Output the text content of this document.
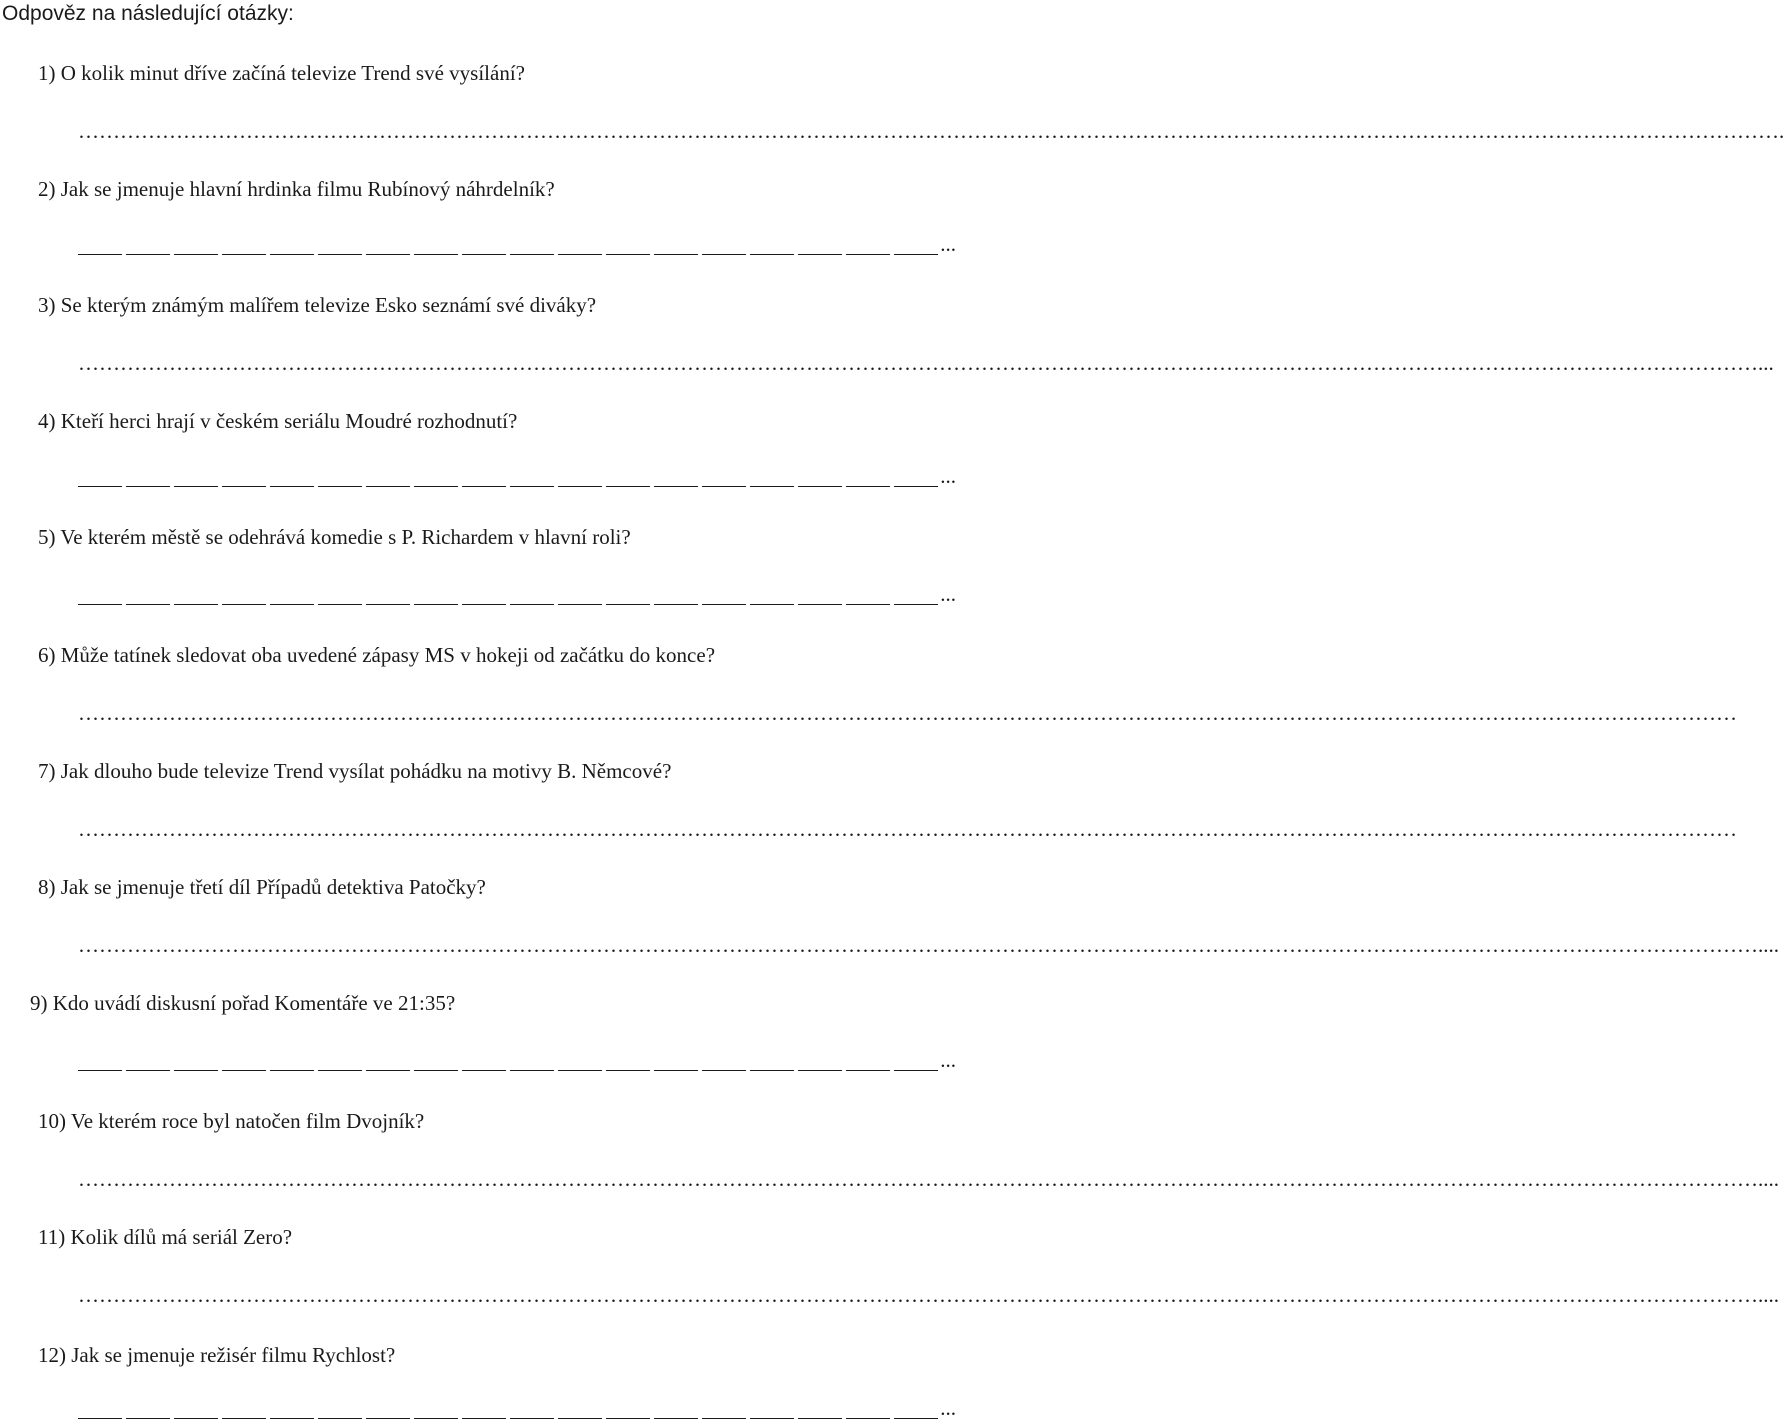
Odpověz na následující otázky:
1) O kolik minut dříve začíná televize Trend své vysílání?
……………………………………………………………………………………………………………………………………………………………………………………………………………………….
2) Jak se jmenuje hlavní hrdinka filmu Rubínový náhrdelník?
...
3) Se kterým známým malířem televize Esko seznámí své diváky?
……………………………………………………………………………………………………………………………………………………………………………………………………………………...
4) Kteří herci hrají v českém seriálu Moudré rozhodnutí?
...
5) Ve kterém městě se odehrává komedie s P. Richardem v hlavní roli?
...
6) Může tatínek sledovat oba uvedené zápasy MS v hokeji od začátku do konce?
…………………………………………………………………………………………………………………………………………………………………………………………………………………
7) Jak dlouho bude televize Trend vysílat pohádku na motivy B. Němcové?
…………………………………………………………………………………………………………………………………………………………………………………………………………………
8) Jak se jmenuje třetí díl Případů detektiva Patočky?
……………………………………………………………………………………………………………………………………………………………………………………………………………………....
9) Kdo uvádí diskusní pořad Komentáře ve 21:35?
...
10) Ve kterém roce byl natočen film Dvojník?
……………………………………………………………………………………………………………………………………………………………………………………………………………………....
11) Kolik dílů má seriál Zero?
……………………………………………………………………………………………………………………………………………………………………………………………………………………....
12) Jak se jmenuje režisér filmu Rychlost?
...
